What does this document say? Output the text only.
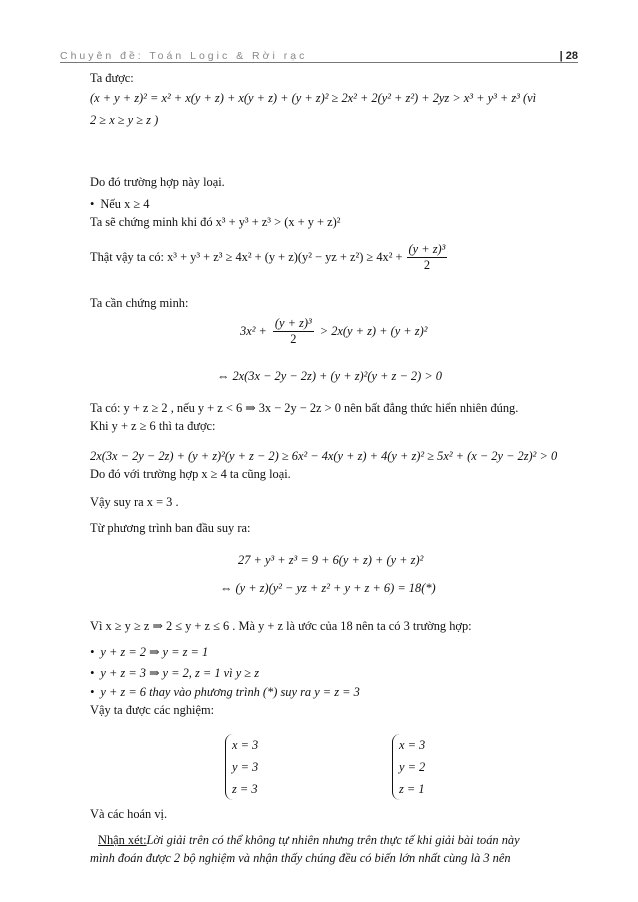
Chuyên đề: Toán Logic & Rời rạc	| 28
Ta được:
(x + y + z)² = x² + x(y + z) + x(y + z) + (y + z)² ≥ 2x² + 2(y² + z²) + 2yz > x³ + y³ + z³ (vì
2 ≥ x ≥ y ≥ z )
Do đó trường hợp này loại.
• Nếu x ≥ 4
Ta sẽ chứng minh khi đó x³ + y³ + z³ > (x + y + z)²
Thật vậy ta có: x³ + y³ + z³ ≥ 4x² + (y + z)(y² − yz + $z^2) \ge 4x^2 + \frac{\text{(y + z)³}}{2}$
Ta cần chứng minh:
$3x^2 + \frac{\text{(y + z)³}}{2} > 2x(y + z) + (y + z)^2$
⇔ 2x(3x − 2y − 2z) + (y + z)²(y + z − 2) > 0
Ta có: y + z ≥ 2 , nếu y + z < 6 ⇒ 3x − 2y − 2z > 0 nên bất đẳng thức hiển nhiên đúng.
Khi y + z ≥ 6 thì ta được:
2x(3x − 2y − 2z) + (y + z)²(y + z − 2) ≥ 6x² − 4x(y + z) + 4(y + z)² ≥ 5x² + (x − 2y − 2z)² > 0
Do đó với trường hợp x ≥ 4 ta cũng loại.
Vậy suy ra x = 3 .
Từ phương trình ban đầu suy ra:
27 + y³ + z³ = 9 + 6(y + z) + (y + z)²
⇔ (y + z)(y² − yz + z² + y + z + 6) = 18(*)
Vì x ≥ y ≥ z ⇒ 2 ≤ y + z ≤ 6 . Mà y + z là ước của 18 nên ta có 3 trường hợp:
• y + z = 2 ⇒ y = z = 1
• y + z = 3 ⇒ y = 2, z = 1 vì y ≥ z
• y + z = 6 thay vào phương trình (*) suy ra y = z = 3
Vậy ta được các nghiệm:
x = 3
y = 3
z = 3
x = 3
y = 2
z = 1
Và các hoán vị.
Nhận xét:Lời giải trên có thể không tự nhiên nhưng trên thực tế khi giải bài toán này
mình đoán được 2 bộ nghiệm và nhận thấy chúng đều có biến lớn nhất cùng là 3 nên
